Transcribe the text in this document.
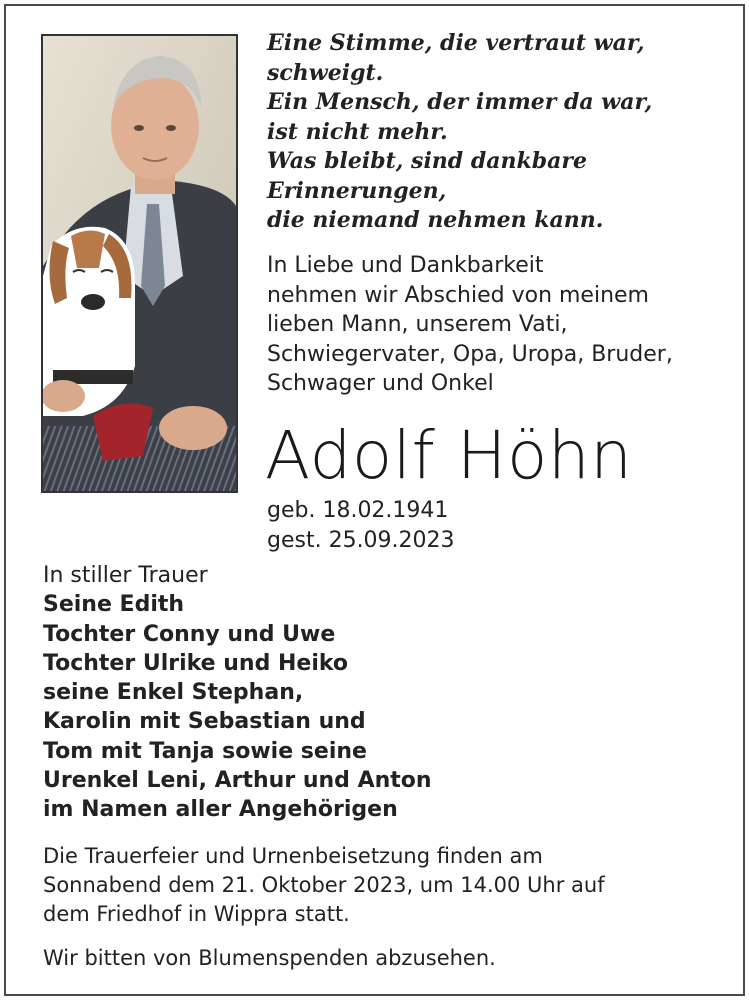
Eine Stimme, die vertraut war,
schweigt.
Ein Mensch, der immer da war,
ist nicht mehr.
Was bleibt, sind dankbare
Erinnerungen,
die niemand nehmen kann.
In Liebe und Dankbarkeit
nehmen wir Abschied von meinem
lieben Mann, unserem Vati,
Schwiegervater, Opa, Uropa, Bruder,
Schwager und Onkel
Adolf Höhn
geb. 18.02.1941
gest. 25.09.2023
In stiller Trauer
Seine Edith
Tochter Conny und Uwe
Tochter Ulrike und Heiko
seine Enkel Stephan,
Karolin mit Sebastian und
Tom mit Tanja sowie seine
Urenkel Leni, Arthur und Anton
im Namen aller Angehörigen
Die Trauerfeier und Urnenbeisetzung finden am
Sonnabend dem 21. Oktober 2023, um 14.00 Uhr auf
dem Friedhof in Wippra statt.
Wir bitten von Blumenspenden abzusehen.
